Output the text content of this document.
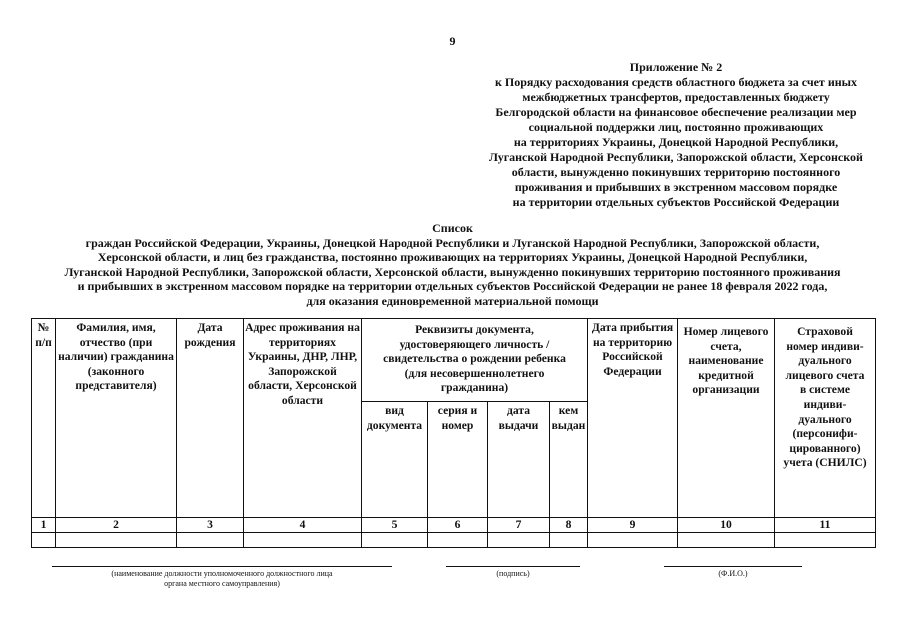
9
Приложение № 2
к Порядку расходования средств областного бюджета за счет иных
межбюджетных трансфертов, предоставленных бюджету
Белгородской области на финансовое обеспечение реализации мер
социальной поддержки лиц, постоянно проживающих
на территориях Украины, Донецкой Народной Республики,
Луганской Народной Республики, Запорожской области, Херсонской
области, вынужденно покинувших территорию постоянного
проживания и прибывших в экстренном массовом порядке
на территории отдельных субъектов Российской Федерации
Список
граждан Российской Федерации, Украины, Донецкой Народной Республики и Луганской Народной Республики, Запорожской области,
Херсонской области, и лиц без гражданства, постоянно проживающих на территориях Украины, Донецкой Народной Республики,
Луганской Народной Республики, Запорожской области, Херсонской области, вынужденно покинувших территорию постоянного проживания
и прибывших в экстренном массовом порядке на территории отдельных субъектов Российской Федерации не ранее 18 февраля 2022 года,
для оказания единовременной материальной помощи
№ п/п	Фамилия, имя, отчество (при наличии) гражданина (законного представителя)	Дата рождения	Адрес проживания на территориях Украины, ДНР, ЛНР, Запорожской области, Херсонской области	Реквизиты документа, удостоверяющего личность / свидетельства о рождении ребенка (для несовершеннолетнего гражданина)				Дата прибытия на территорию Российской Федерации	Номер лицевого счета, наименование кредитной организации	Страховой номер индиви-дуального лицевого счета в системе индиви-дуального (персонифи-цированного) учета (СНИЛС)
				вид документа	серия и номер	дата выдачи	кем выдан			
1	2	3	4	5	6	7	8	9	10	11

(наименование должности уполномоченного должностного лица органа местного самоуправления)
(подпись)	(Ф.И.О.)
